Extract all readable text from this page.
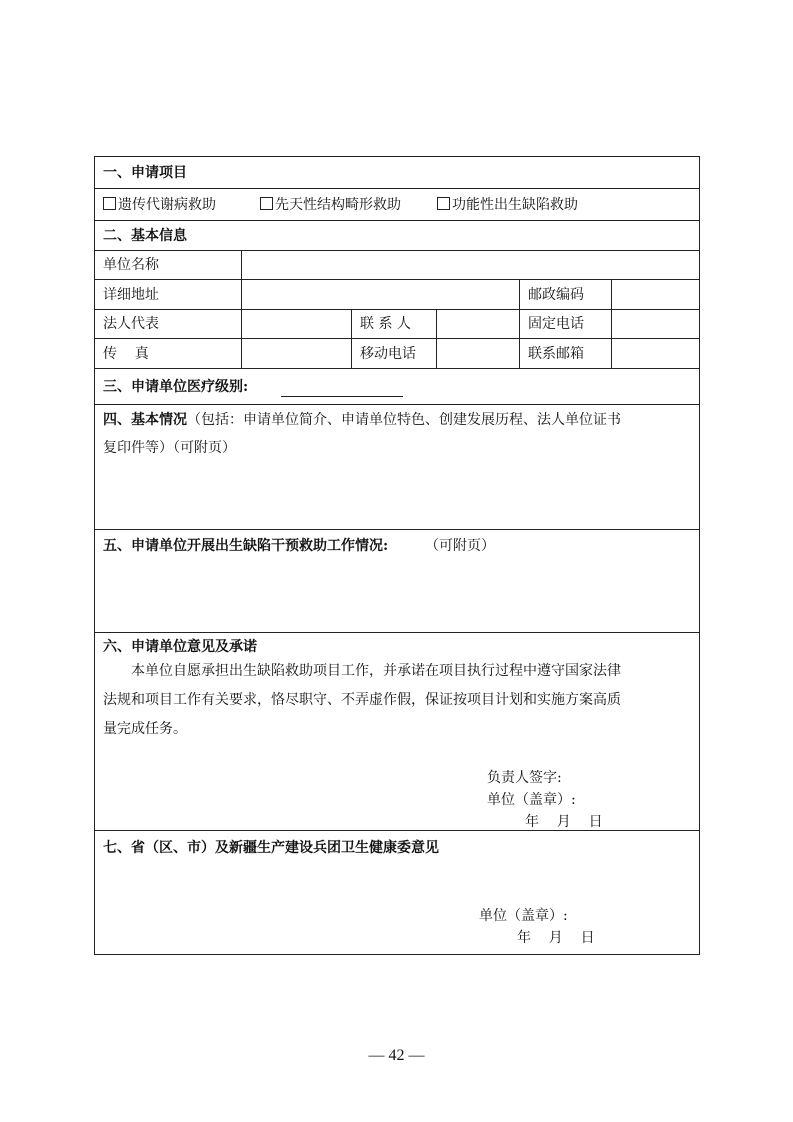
一、申请项目
遗传代谢病救助	先天性结构畸形救助	功能性出生缺陷救助
二、基本信息
单位名称
详细地址	邮政编码
法人代表	联 系 人	固定电话
传    真	移动电话	联系邮箱
三、申请单位医疗级别:
四、基本情况 （包括：申请单位简介、申请单位特色、创建发展历程、法人单位证书
复印件等）（可附页）
五、申请单位开展出生缺陷干预救助工作情况:	（可附页）
六、申请单位意见及承诺
本单位自愿承担出生缺陷救助项目工作，并承诺在项目执行过程中遵守国家法律
法规和项目工作有关要求，恪尽职守、不弄虚作假，保证按项目计划和实施方案高质
量完成任务。
负责人签字:
单位（盖章）:
年    月    日
七、省（区、市）及新疆生产建设兵团卫生健康委意见
单位（盖章）:
年    月    日
— 42 —
